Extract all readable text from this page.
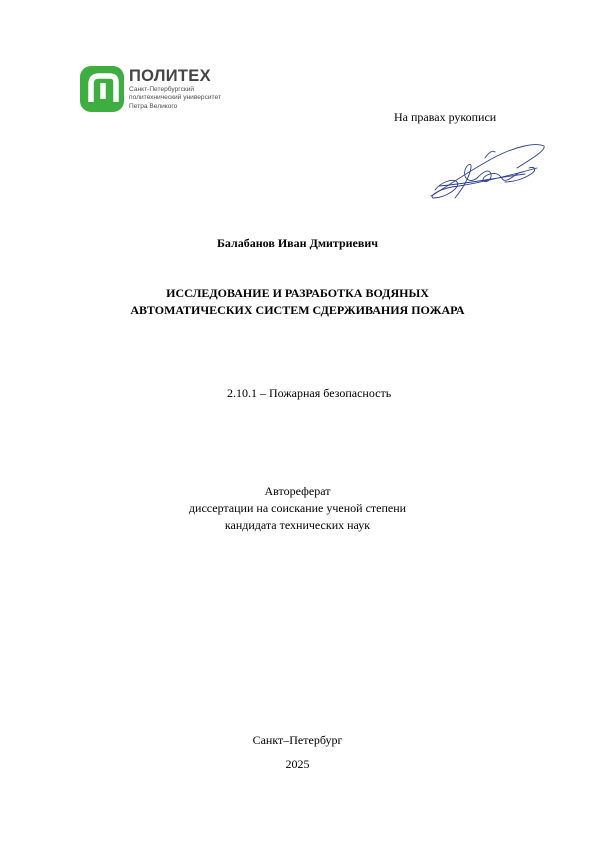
ПОЛИТЕХ
Санкт-Петербургский
политехнический университет
Петра Великого
На правах рукописи
Балабанов Иван Дмитриевич
ИССЛЕДОВАНИЕ И РАЗРАБОТКА ВОДЯНЫХ
АВТОМАТИЧЕСКИХ СИСТЕМ СДЕРЖИВАНИЯ ПОЖАРА
2.10.1 – Пожарная безопасность
Автореферат
диссертации на соискание ученой степени
кандидата технических наук
Санкт–Петербург
2025
